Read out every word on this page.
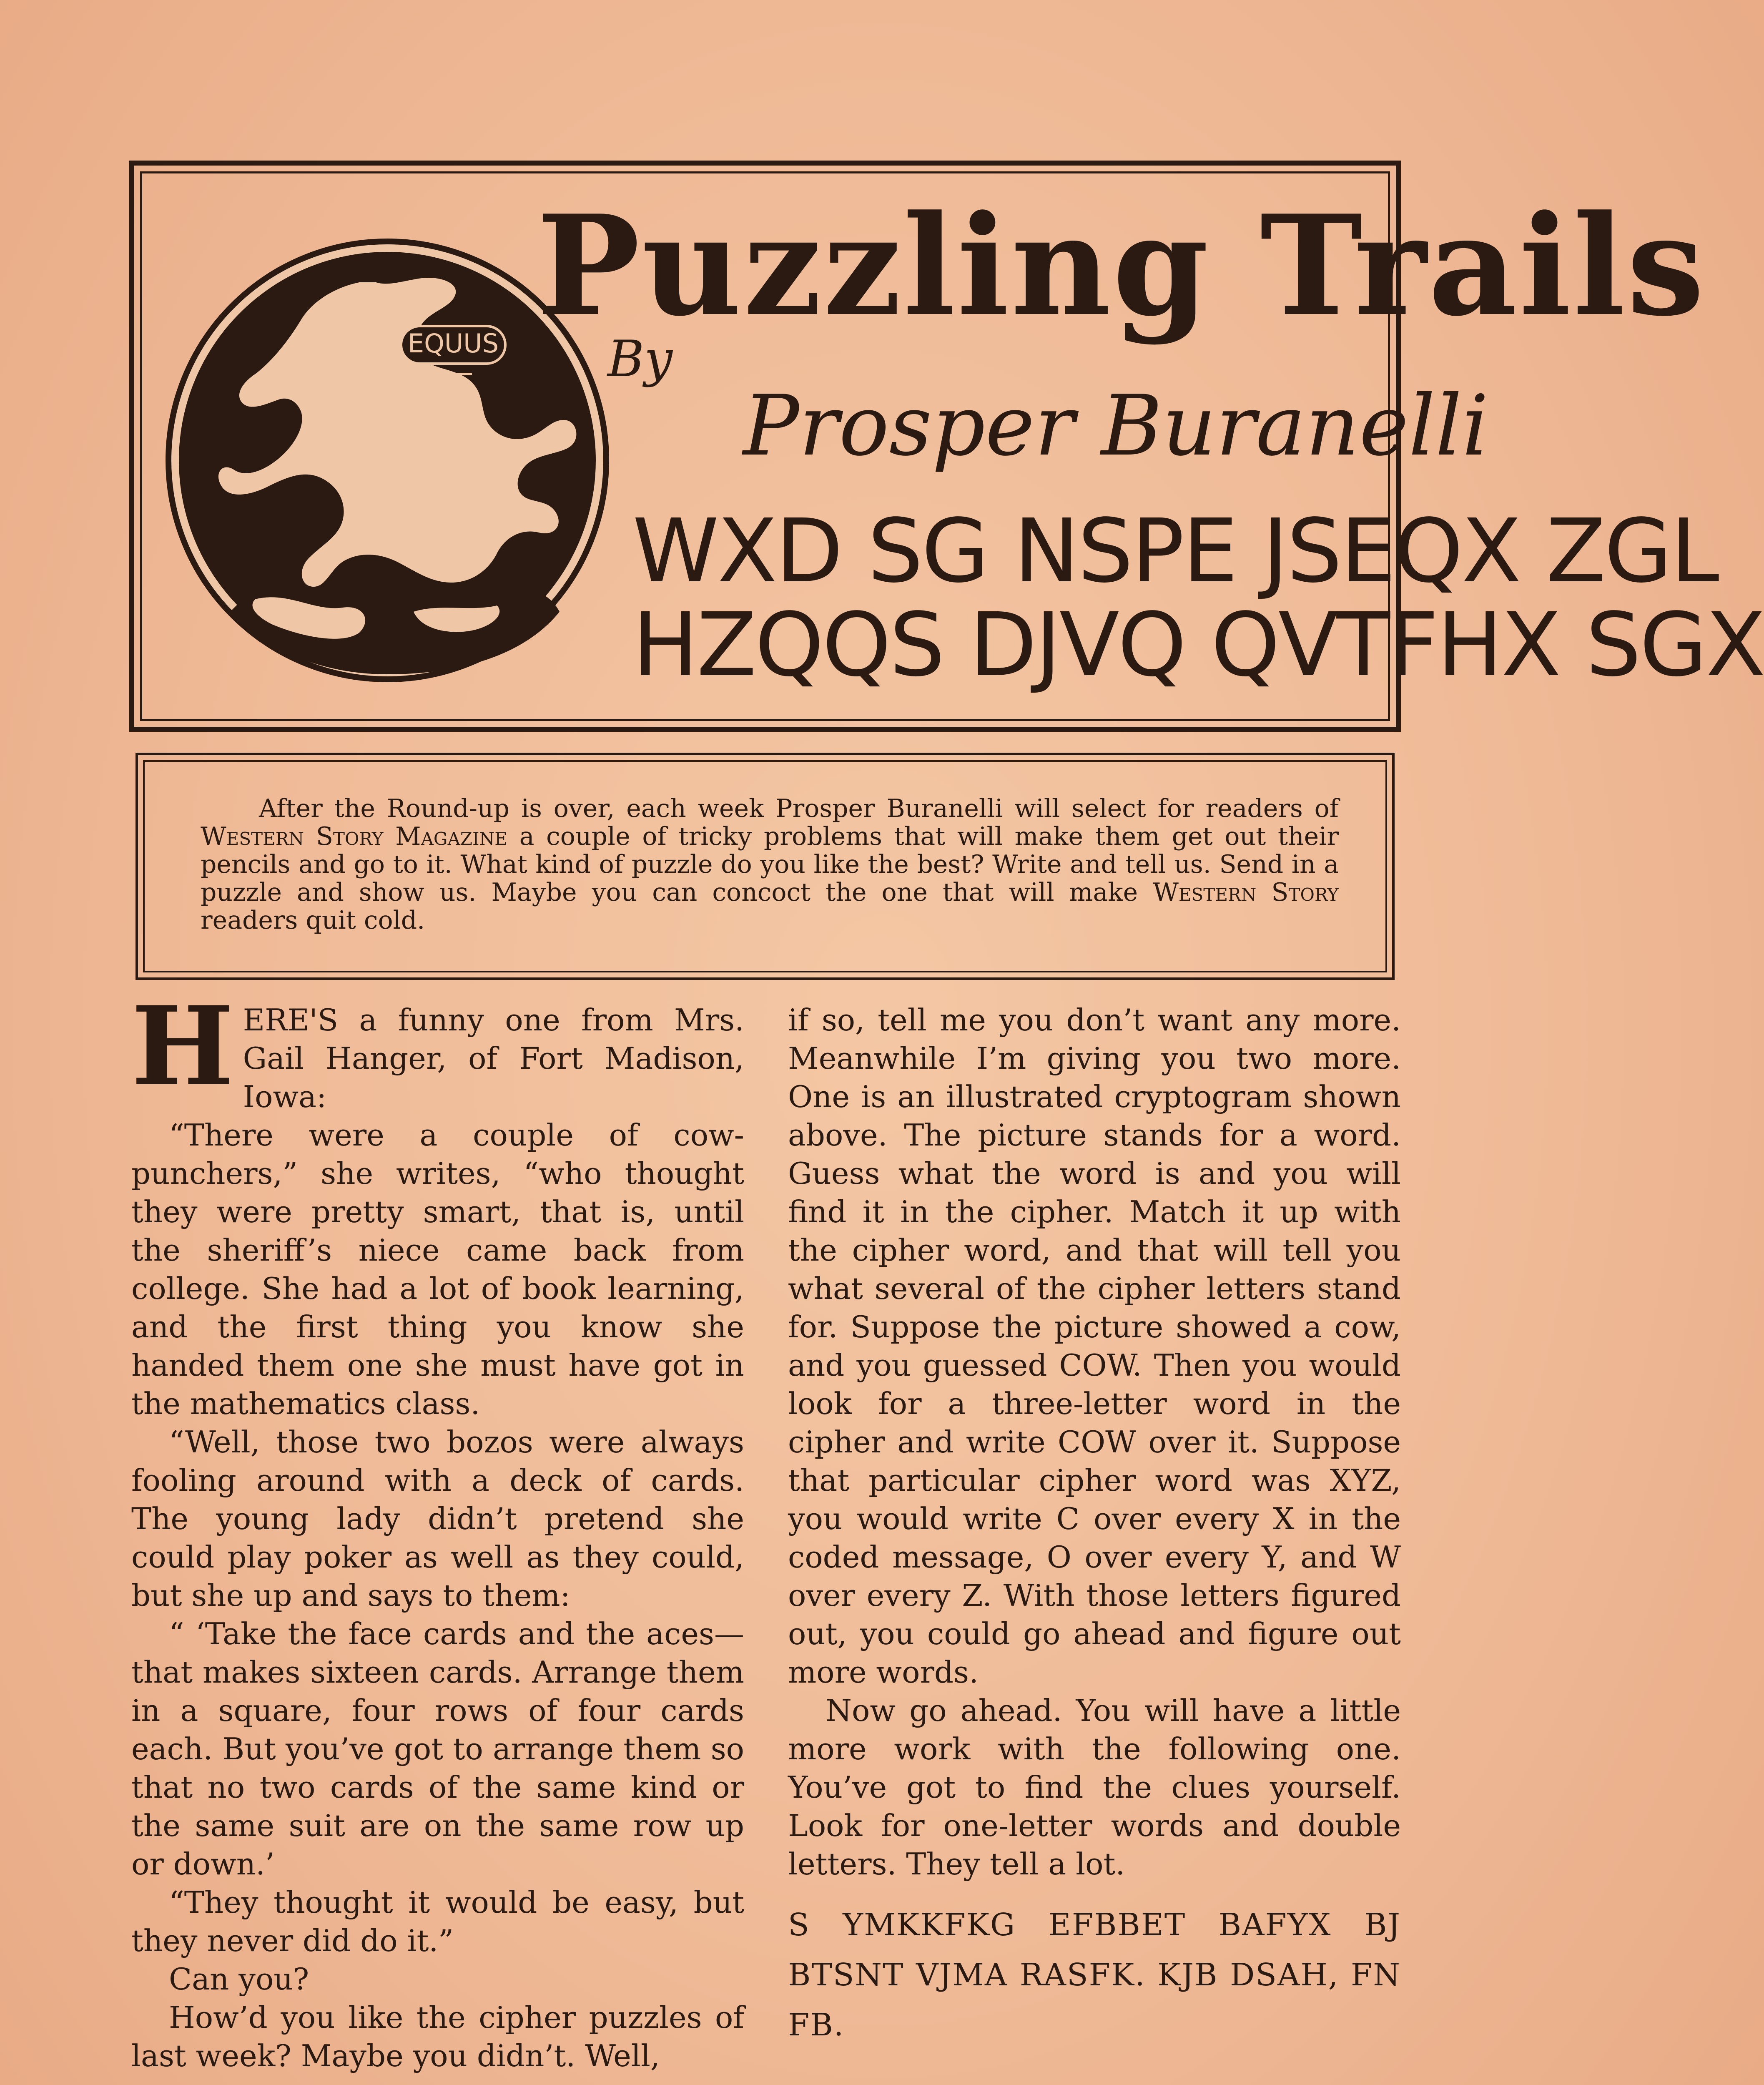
EQUUS Puzzling Trails
By
Prosper Buranelli
WXD SG NSPE JSEQX ZGL
HZQQS DJVQ QVTFHX SGX
After the Round-up is over, each week Prosper Buranelli will select for readers of Western Story Magazine a couple of tricky problems that will make them get out their pencils and go to it. What kind of puzzle do you like the best? Write and tell us. Send in a puzzle and show us. Maybe you can concoct the one that will make Western Story readers quit cold.

HERE'S a funny one from Mrs. Gail Hanger, of Fort Madison, Iowa:

“There were a couple of cow-punchers,” she writes, “who thought they were pretty smart, that is, until the sheriff’s niece came back from college. She had a lot of book learning, and the first thing you know she handed them one she must have got in the mathematics class.

“Well, those two bozos were always fooling around with a deck of cards. The young lady didn’t pretend she could play poker as well as they could, but she up and says to them:

“ ‘Take the face cards and the aces—that makes sixteen cards. Arrange them in a square, four rows of four cards each. But you’ve got to arrange them so that no two cards of the same kind or the same suit are on the same row up or down.’

“They thought it would be easy, but they never did do it.”

Can you?

How’d you like the cipher puzzles of last week? Maybe you didn’t. Well,

if so, tell me you don’t want any more. Meanwhile I’m giving you two more. One is an illustrated cryptogram shown above. The picture stands for a word. Guess what the word is and you will find it in the cipher. Match it up with the cipher word, and that will tell you what several of the cipher letters stand for. Suppose the picture showed a cow, and you guessed COW. Then you would look for a three-letter word in the cipher and write COW over it. Suppose that particular cipher word was XYZ, you would write C over every X in the coded message, O over every Y, and W over every Z. With those letters figured out, you could go ahead and figure out more words.

Now go ahead. You will have a little more work with the following one. You’ve got to find the clues yourself. Look for one-letter words and double letters. They tell a lot.

S YMKKFKG EFBBET BAFYX BJ BTSNT VJMA RASFK. KJB DSAH, FN FB.
